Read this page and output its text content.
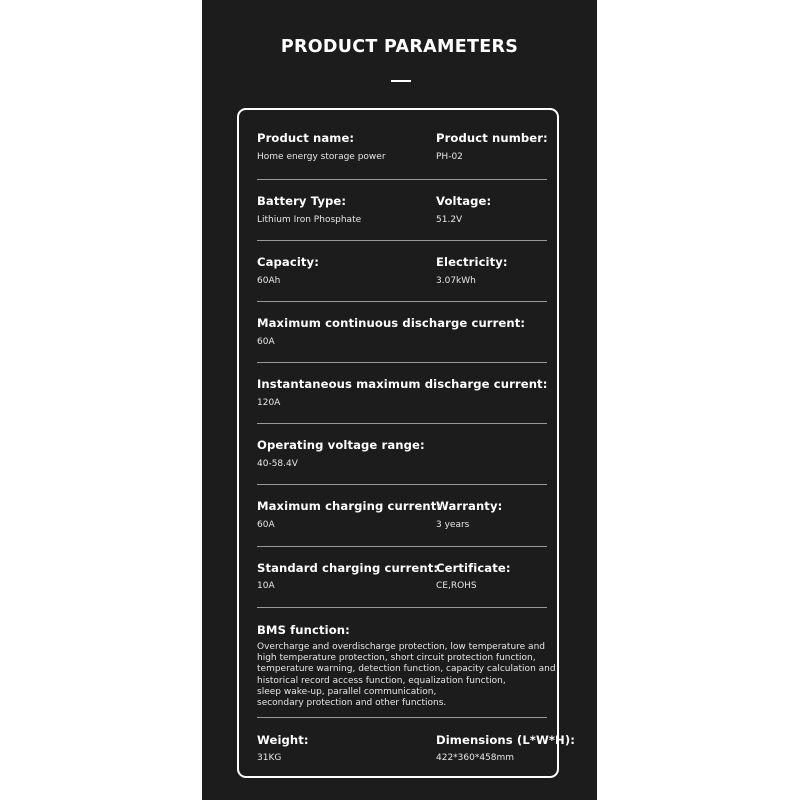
PRODUCT PARAMETERS
Product name:
Home energy storage power
Product number:
PH-02
Battery Type:
Lithium Iron Phosphate
Voltage:
51.2V
Capacity:
60Ah
Electricity:
3.07kWh
Maximum continuous discharge current:
60A
Instantaneous maximum discharge current:
120A
Operating voltage range:
40-58.4V
Maximum charging current:
60A
Warranty:
3 years
Standard charging current:
10A
Certificate:
CE,ROHS
BMS function:
Overcharge and overdischarge protection, low temperature and
high temperature protection, short circuit protection function,
temperature warning, detection function, capacity calculation and
historical record access function, equalization function,
sleep wake-up, parallel communication,
secondary protection and other functions.
Weight:
31KG
Dimensions (L*W*H):
422*360*458mm
